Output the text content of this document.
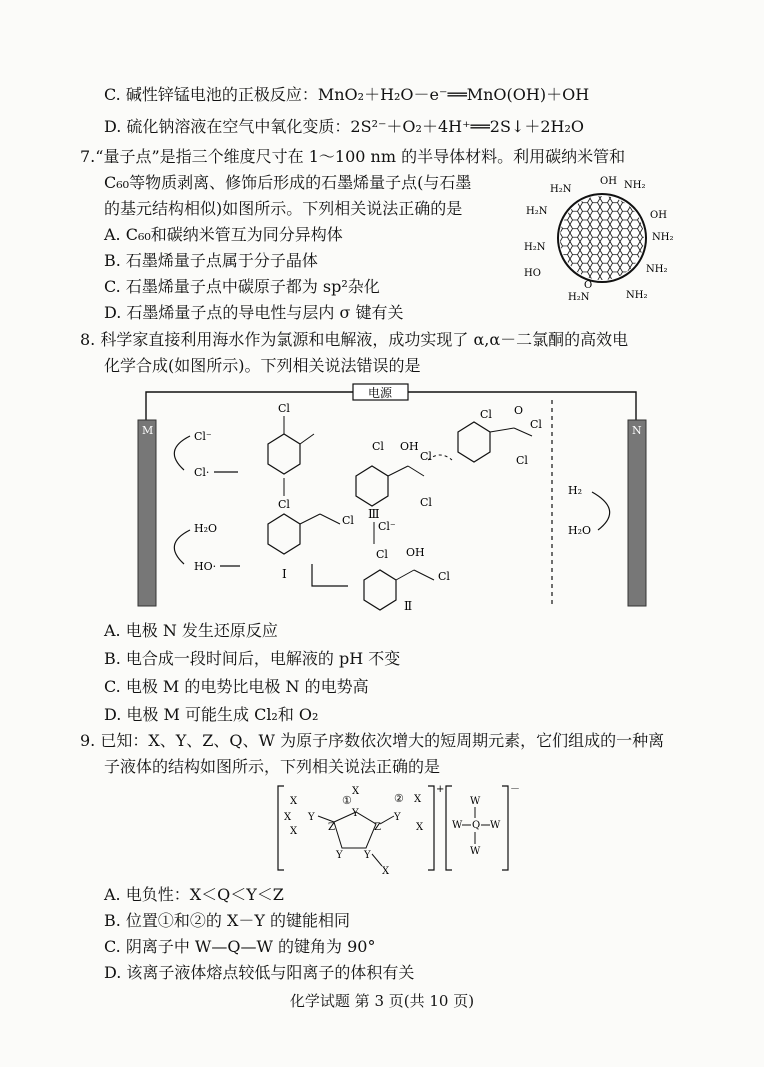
C. 碱性锌锰电池的正极反应：MnO₂＋H₂O－e⁻══MnO(OH)＋OH
D. 硫化钠溶液在空气中氧化变质：2S²⁻＋O₂＋4H⁺══2S↓＋2H₂O
7.“量子点”是指三个维度尺寸在 1～100 nm 的半导体材料。利用碳纳米管和
C₆₀等物质剥离、修饰后形成的石墨烯量子点(与石墨
的基元结构相似)如图所示。下列相关说法正确的是
A. C₆₀和碳纳米管互为同分异构体
B. 石墨烯量子点属于分子晶体
C. 石墨烯量子点中碳原子都为 sp²杂化
D. 石墨烯量子点的导电性与层内 σ 键有关
H₂N
OH NH₂
H₂N	OH
NH₂
H₂N
NH₂
HO
H₂N	NH₂
O
8. 科学家直接利用海水作为氯源和电解液，成功实现了 α,α－二氯酮的高效电
化学合成(如图所示)。下列相关说法错误的是
电源
M	N
Cl⁻
Cl·
H₂O
HO·
Cl
Cl
Cl
Ⅰ
Cl OH
Cl
Ⅱ
Cl⁻
Ⅲ
Cl OH
Cl
Cl
Cl O
Cl
Cl
H₂
H₂O
A. 电极 N 发生还原反应
B. 电合成一段时间后，电解液的 pH 不变
C. 电极 M 的电势比电极 N 的电势高
D. 电极 M 可能生成 Cl₂和 O₂
9. 已知：X、Y、Z、Q、W 为原子序数依次增大的短周期元素，它们组成的一种离
子液体的结构如图所示，下列相关说法正确的是
+
X
X
X
Y
Z
X
①
Y
Z
② X
Y
X
Y Y
X
－
W
W Q W
W
A. 电负性：X＜Q＜Y＜Z
B. 位置①和②的 X－Y 的键能相同
C. 阴离子中 W—Q—W 的键角为 90°
D. 该离子液体熔点较低与阳离子的体积有关
化学试题 第 3 页(共 10 页)
